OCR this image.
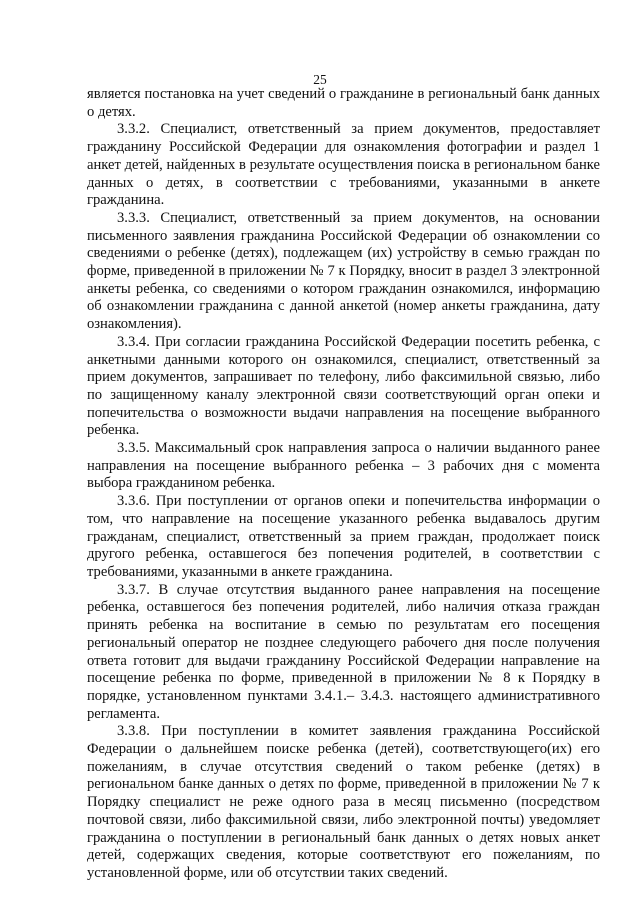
25

является постановка на учет сведений о гражданине в региональный банк данных о детях.

3.3.2. Специалист, ответственный за прием документов, предоставляет гражданину Российской Федерации для ознакомления фотографии и раздел 1 анкет детей, найденных в результате осуществления поиска в региональном банке данных о детях, в соответствии с требованиями, указанными в анкете гражданина.

3.3.3. Специалист, ответственный за прием документов, на основании письменного заявления гражданина Российской Федерации об ознакомлении со сведениями о ребенке (детях), подлежащем (их) устройству в семью граждан по форме, приведенной в приложении № 7 к Порядку, вносит в раздел 3 электронной анкеты ребенка, со сведениями о котором гражданин ознакомился, информацию об ознакомлении гражданина с данной анкетой (номер анкеты гражданина, дату ознакомления).

3.3.4. При согласии гражданина Российской Федерации посетить ребенка, с анкетными данными которого он ознакомился, специалист, ответственный за прием документов, запрашивает по телефону, либо факсимильной связью, либо по защищенному каналу электронной связи соответствующий орган опеки и попечительства о возможности выдачи направления на посещение выбранного ребенка.

3.3.5. Максимальный срок направления запроса о наличии выданного ранее направления на посещение выбранного ребенка – 3 рабочих дня с момента выбора гражданином ребенка.

3.3.6. При поступлении от органов опеки и попечительства информации о том, что направление на посещение указанного ребенка выдавалось другим гражданам, специалист, ответственный за прием граждан, продолжает поиск другого ребенка, оставшегося без попечения родителей, в соответствии с требованиями, указанными в анкете гражданина.

3.3.7. В случае отсутствия выданного ранее направления на посещение ребенка, оставшегося без попечения родителей, либо наличия отказа граждан принять ребенка на воспитание в семью по результатам его посещения региональный оператор не позднее следующего рабочего дня после получения ответа готовит для выдачи гражданину Российской Федерации направление на посещение ребенка по форме, приведенной в приложении № 8 к Порядку в порядке, установленном пунктами 3.4.1.– 3.4.3. настоящего административного регламента.

3.3.8. При поступлении в комитет заявления гражданина Российской Федерации о дальнейшем поиске ребенка (детей), соответствующего(их) его пожеланиям, в случае отсутствия сведений о таком ребенке (детях) в региональном банке данных о детях по форме, приведенной в приложении № 7 к Порядку специалист не реже одного раза в месяц письменно (посредством почтовой связи, либо факсимильной связи, либо электронной почты) уведомляет гражданина о поступлении в региональный банк данных о детях новых анкет детей, содержащих сведения, которые соответствуют его пожеланиям, по установленной форме, или об отсутствии таких сведений.
